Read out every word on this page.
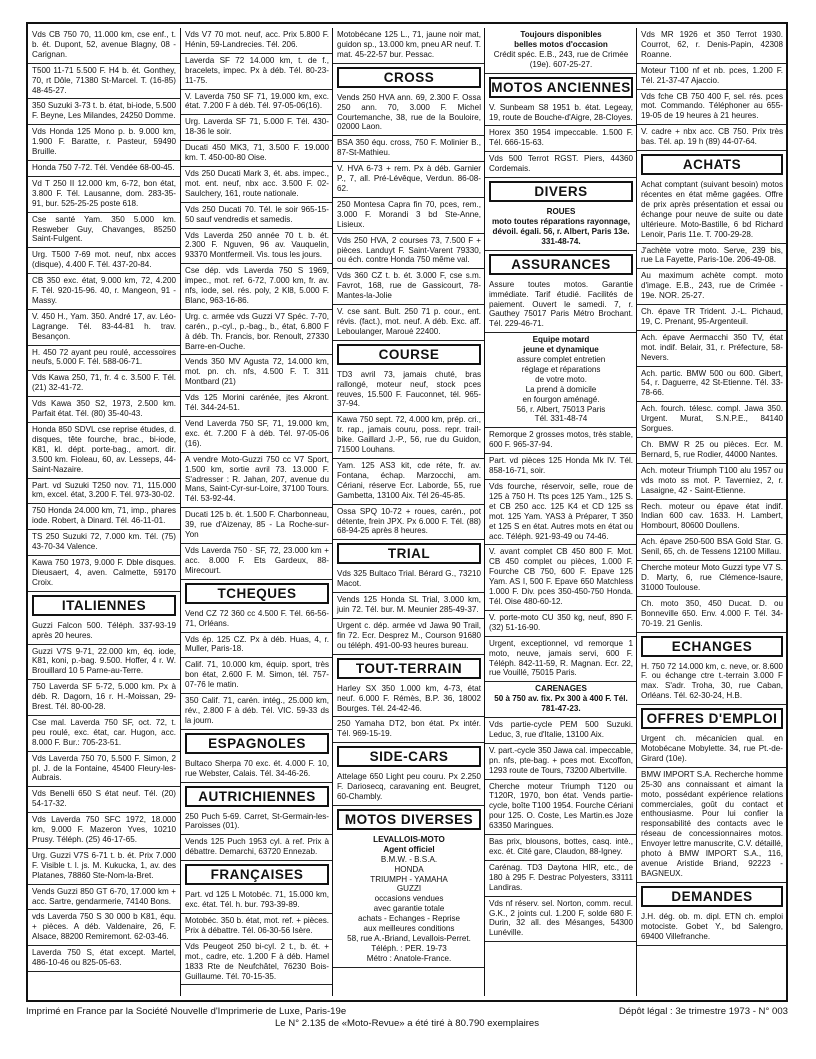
Vds CB 750 70, 11.000 km, cse enf., t. b. ét. Dupont, 52, avenue Blagny, 08 - Carignan.
T500 11-71 5.500 F. H4 b. ét. Gonthey, 70, rt Dôle, 71380 St-Marcel. T. (16-85) 48-45-27.
350 Suzuki 3-73 t. b. état, bi-iode, 5.500 F. Beyne, Les Milandes, 24250 Domme.
Vds Honda 125 Mono p. b. 9.000 km, 1.900 F. Baratte, r. Pasteur, 59490 Bruille.
Honda 750 7-72. Tél. Vendée 68-00-45.
Vd T 250 II 12.000 km, 6-72, bon état, 3.800 F. Tél. Lausanne, dom. 283-35-91, bur. 525-25-25 poste 618.
Cse santé Yam. 350 5.000 km. Resweber Guy, Chavanges, 85250 Saint-Fulgent.
Urg. T500 7-69 mot. neuf, nbx acces (disque), 4.400 F. Tél. 437-20-84.
CB 350 exc. état, 9.000 km, 72, 4.200 F. Tél. 920-15-96. 40, r. Mangeon, 91 - Massy.
V. 450 H., Yam. 350. André 17, av. Léo-Lagrange. Tél. 83-44-81 h. trav. Besançon.
H. 450 72 ayant peu roulé, accessoires neufs, 5.000 F. Tél. 588-06-71.
Vds Kawa 250, 71, fr. 4 c. 3.500 F. Tél. (21) 32-41-72.
Vds Kawa 350 S2, 1973, 2.500 km. Parfait état. Tél. (80) 35-40-43.
Honda 850 SDVL cse reprise études, d. disques, tête fourche, brac., bi-iode, K81, kl. dépt. porte-bag., amort. dir. 3.500 km. Fioleau, 60, av. Lesseps, 44-Saint-Nazaire.
Part. vd Suzuki T250 nov. 71, 115.000 km, excel. état, 3.200 F. Tél. 973-30-02.
750 Honda 24.000 km, 71, imp., phares iode. Robert, à Dinard. Tél. 46-11-01.
TS 250 Suzuki 72, 7.000 km. Tél. (75) 43-70-34 Valence.
Kawa 750 1973, 9.000 F. Dble disques. Dieusaert, 4, aven. Calmette, 59170 Croix.
ITALIENNES
Guzzi Falcon 500. Téléph. 337-93-19 après 20 heures.
Guzzi V7S 9-71, 22.000 km, éq. iode, K81, koni, p.-bag. 9.500. Hoffer, 4 r. W. Brouillard 10 5 Parne-au-Terre.
750 Laverda SF 5-72, 5.000 km. Px à déb. R. Dagorn, 16 r. H.-Moissan, 29-Brest. Tél. 80-00-28.
Cse mal. Laverda 750 SF, oct. 72, t. peu roulé, exc. état, car. Hugon, acc. 8.000 F. Bur.: 705-23-51.
Vds Laverda 750 70, 5.500 F. Simon, 2 pl. J. de la Fontaine, 45400 Fleury-les-Aubrais.
Vds Benelli 650 S état neuf. Tél. (20) 54-17-32.
Vds Laverda 750 SFC 1972, 18.000 km, 9.000 F. Mazeron Yves, 10210 Prusy. Téléph. (25) 46-17-65.
Urg. Guzzi V7S 6-71 t. b. ét. Prix 7.000 F. Visible t. l. js. M. Kukucka, 1, av. des Platanes, 78860 Ste-Nom-la-Bret.
Vends Guzzi 850 GT 6-70, 17.000 km + acc. Sartre, gendarmerie, 74140 Bons.
vds Laverda 750 S 30 000 b K81, équ. + pièces. A déb. Valdenaire, 26, F. Alsace, 88200 Remiremont. 62-03-46.
Laverda 750 S, état except. Martel, 486-10-46 ou 825-05-63.
Vds V7 70 mot. neuf, acc. Prix 5.800 F. Hénin, 59-Landrecies. Tél. 206.
Laverda SF 72 14.000 km, t. de f., bracelets, impec. Px à déb. Tél. 80-23-11-75.
V. Laverda 750 SF 71, 19.000 km, exc. état. 7.200 F à déb. Tél. 97-05-06(16).
Urg. Laverda SF 71, 5.000 F. Tél. 430-18-36 le soir.
Ducati 450 MK3, 71, 3.500 F. 19.000 km. T. 450-00-80 Oise.
Vds 250 Ducati Mark 3, ét. abs. impec., mot. ent. neuf, nbx acc. 3.500 F. 02-Saulchery, 161, route nationale.
Vds 250 Ducati 70. Tél. le soir 965-15-50 sauf vendredis et samedis.
Vds Laverda 250 année 70 t. b. ét. 2.300 F. Nguven, 96 av. Vauquelin, 93370 Montfermeil. Vis. tous les jours.
Cse dép. vds Laverda 750 S 1969, impec., mot. ref. 6-72, 7.000 km, fr. av. nfs, iode, sel. rés. poly, 2 Kl8, 5.000 F. Blanc, 963-16-86.
Urg. c. armée vds Guzzi V7 Spéc. 7-70, carén., p.-cyl., p.-bag., b., état, 6.800 F à déb. Th. Francis, bor. Renoult, 27330 Barre-en-Ouche.
Vends 350 MV Agusta 72, 14.000 km, mot. pn. ch. nfs, 4.500 F. T. 311 Montbard (21)
Vds 125 Morini carénée, jtes Akront. Tél. 344-24-51.
Vend Laverda 750 SF, 71, 19.000 km, exc. ét. 7.200 F à déb. Tél. 97-05-06 (16).
A vendre Moto-Guzzi 750 cc V7 Sport, 1.500 km, sortie avril 73. 13.000 F. S'adresser : R. Jahan, 207, avenue du Mans, Saint-Cyr-sur-Loire, 37100 Tours. Tél. 53-92-44.
Ducati 125 b. ét. 1.500 F. Charbonneau, 39, rue d'Aizenay, 85 - La Roche-sur-Yon
Vds Laverda 750 · SF, 72, 23.000 km + acc. 8.000 F. Ets Gardeux, 88-Mirecourt.
TCHEQUES
Vend CZ 72 360 cc 4.500 F. Tél. 66-56-71, Orléans.
Vds ép. 125 CZ. Px à déb. Huas, 4, r. Muller, Paris-18.
Calif. 71, 10.000 km, équip. sport, très bon état, 2.600 F. M. Simon, tél. 757-07-76 le matin.
350 Calif. 71, carén. intég., 25.000 km, rév., 2.800 F à déb. Tél. VIC. 59-33 ds la journ.
ESPAGNOLES
Bultaco Sherpa 70 exc. ét. 4.000 F. 10, rue Webster, Calais. Tél. 34-46-26.
AUTRICHIENNES
250 Puch 5-69. Carret, St-Germain-les-Paroisses (01).
Vends 125 Puch 1953 cyl. à ref. Prix à débattre. Demarchi, 63720 Ennezab.
FRANÇAISES
Part. vd 125 L Motobéc. 71, 15.000 km, exc. état. Tél. h. bur. 793-39-89.
Motobéc. 350 b. état, mot. ref. + pièces. Prix à débattre. Tél. 06-30-56 Isère.
Vds Peugeot 250 bi-cyl. 2 t., b. ét. + mot., cadre, etc. 1.200 F à déb. Hamel 1833 Rte de Neufchâtel, 76230 Bois-Guillaume. Tél. 70-15-35.
Motobécane 125 L., 71, jaune noir mat, guidon sp., 13.000 km, pneu AR neuf. T. mat. 45-22-57 bur. Pessac.
CROSS
Vends 250 HVA ann. 69, 2.300 F. Ossa 250 ann. 70, 3.000 F. Michel Courtemanche, 38, rue de la Bouloire, 02000 Laon.
BSA 350 équ. cross, 750 F. Molinier B., 87-St-Mathieu.
V. HVA 6-73 + rem. Px à déb. Garnier P., 7, all. Pré-Lévêque, Verdun. 86-08-62.
250 Montesa Capra fin 70, pces, rem., 3.000 F. Morandi 3 bd Ste-Anne, Lisieux.
Vds 250 HVA, 2 courses 73, 7.500 F + pièces. Landuyt F. Saint-Varent 79330, ou éch. contre Honda 750 même val.
Vds 360 CZ t. b. ét. 3.000 F, cse s.m. Favrot, 168, rue de Gassicourt, 78-Mantes-la-Jolie
V. cse sant. Bult. 250 71 p. cour., ent. révis. (fact.), mot. neuf. A déb. Exc. aff. Leboulanger, Marouė 22400.
COURSE
TD3 avril 73, jamais chuté, bras rallongé, moteur neuf, stock pces reuves, 15.500 F. Fauconnet, tél. 965-37-94.
Kawa 750 sept. 72, 4.000 km, prép. cri., tr. rap., jamais couru, poss. repr. trail-bike. Gaillard J.-P., 56, rue du Guidon, 71500 Louhans.
Yam. 125 AS3 kit, cde réte, fr. av. Fontana, échap. Marzocchi, am. Cériani, réserve Ecr. Laborde, 55, rue Gambetta, 13100 Aix. Tél 26-45-85.
Ossa SPQ 10-72 + roues, carén., pot détente, frein JPX. Px 6.000 F. Tél. (88) 68-94-25 après 8 heures.
TRIAL
Vds 325 Bultaco Trial. Bérard G., 73210 Macot.
Vends 125 Honda SL Trial, 3.000 km, juin 72. Tél. bur. M. Meunier 285-49-37.
Urgent c. dép. armée vd Jawa 90 Trail, fin 72. Ecr. Desprez M., Courson 91680 ou téléph. 491-00-93 heures bureau.
TOUT-TERRAIN
Harley SX 350 1.000 km, 4-73, état neuf. 6.000 F. Rémès, B.P. 36, 18002 Bourges. Tél. 24-42-46.
250 Yamaha DT2, bon état. Px intér. Tél. 969-15-19.
SIDE-CARS
Attelage 650 Light peu couru. Px 2.250 F. Dariosecq, caravaning ent. Beugret, 60-Chambly.
MOTOS DIVERSES
LEVALLOIS-MOTO
Agent officiel
B.M.W. - B.S.A.
HONDA
TRIUMPH - YAMAHA
GUZZI
occasions vendues
avec garantie totale
achats - Echanges - Reprise
aux meilleures conditions
58, rue A.-Briand, Levallois-Perret. Téléph. : PER. 19-73
Métro : Anatole-France.
Toujours disponibles
belles motos d'occasion
Crédit spéc. E.B., 243, rue de Crimée (19e). 607-25-27.
MOTOS ANCIENNES
V. Sunbeam S8 1951 b. état. Legeay, 19, route de Bouche-d'Aigre, 28-Cloyes.
Horex 350 1954 impeccable. 1.500 F. Tél. 666-15-63.
Vds 500 Terrot RGST. Piers, 44360 Cordemais.
DIVERS
ROUES
moto toutes réparations rayonnage, dévoil. égali. 56, r. Albert, Paris 13e. 331-48-74.
ASSURANCES
Assure toutes motos. Garantie immédiate. Tarif étudié. Facilités de paiement. Ouvert le samedi. 7, r. Gauthey 75017 Paris Métro Brochant. Tél. 229-46-71.
Equipe motard
jeune et dynamique
assure complet entretien
réglage et réparations
de votre moto.
La prend à domicile
en fourgon aménagé.
56, r. Albert, 75013 Paris
Tél. 331-48-74
Remorque 2 grosses motos, très stable, 600 F. 965-37-94.
Part. vd pièces 125 Honda Mk IV. Tél. 858-16-71, soir.
Vds fourche, réservoir, selle, roue de 125 à 750 H. Tts pces 125 Yam., 125 S. et CB 250 acc. 125 K4 et CD 125 ss mot. 125 Yam. YAS3 à Préparer, T 350 et 125 S en état. Autres mots en état ou acc. Téléph. 921-93-49 ou 74-46.
V. avant complet CB 450 800 F. Mot. CB 450 complet ou pièces, 1.000 F. Fourche CB 750, 600 F. Epave 125 Yam. AS I, 500 F. Epave 650 Matchless 1.000 F. Div. pces 350-450-750 Honda. Tél. Oise 480-60-12.
V. porte-moto CU 350 kg, neuf, 890 F. (32) 51-16-90.
Urgent, exceptionnel, vd remorque 1 moto, neuve, jamais servi, 600 F. Téléph. 842-11-59, R. Magnan. Ecr. 22, rue Vouillé, 75015 Paris.
CARENAGES
50 à 750 av. fix. Px 300 à 400 F. Tél. 781-47-23.
Vds partie-cycle PEM 500 Suzuki. Leduc, 3, rue d'Italie, 13100 Aix.
V. part.-cycle 350 Jawa cal. impeccable, pn. nfs, pte-bag. + pces mot. Excoffon, 1293 route de Tours, 73200 Albertville.
Cherche moteur Triumph T120 ou T120R, 1970, bon état. Vends partie-cycle, boîte T100 1954. Fourche Cériani pour 125. O. Coste, Les Martin.es Joze 63350 Maringues.
Bas prix, blousons, bottes, casq. intè., exc. ét. Cité gare, Claudon, 88-Igney.
Carénag. TD3 Daytona HIR, etc., de 180 à 295 F. Destrac Polyesters, 33111 Landiras.
Vds nf réserv. sel. Norton, comm. recul. G.K., 2 joints cul. 1.200 F, solde 680 F. Durin, 32 all. des Mésanges, 54300 Lunéville.
Vds MR 1926 et 350 Terrot 1930. Courrot, 62, r. Denis-Papin, 42308 Roanne.
Moteur T100 nf et nb. pces, 1.200 F. Tél. 21-37-47 Ajaccio.
Vds fche CB 750 400 F, sel. rés. pces mot. Commando. Téléphoner au 655-19-05 de 19 heures à 21 heures.
V. cadre + nbx acc. CB 750. Prix très bas. Tél. ap. 19 h (89) 44-07-64.
ACHATS
Achat comptant (suivant besoin) motos récentes en état même gagées. Offre de prix après présentation et essai ou échange pour neuve de suite ou date ultérieure. Moto-Bastille, 6 bd Richard Lenoir, Paris 11e. T. 700-29-28.
J'achète votre moto. Serve, 239 bis, rue La Fayette, Paris-10e. 206-49-08.
Au maximum achète compt. moto d'image. E.B., 243, rue de Crimée - 19e. NOR. 25-27.
Ch. épave TR Trident. J.-L. Pichaud, 19, C. Prenant, 95-Argenteuil.
Ach. épave Aermacchi 350 TV, état mot. indif. Belair, 31, r. Préfecture, 58-Nevers.
Ach. partic. BMW 500 ou 600. Gibert, 54, r. Daguerre, 42 St-Etienne. Tél. 33-78-66.
Ach. fourch. télesc. compl. Jawa 350. Urgent. Murat, S.N.P.E., 84140 Sorgues.
Ch. BMW R 25 ou pièces. Ecr. M. Bernard, 5, rue Rodier, 44000 Nantes.
Ach. moteur Triumph T100 alu 1957 ou vds moto ss mot. P. Taverniez, 2, r. Lasaigne, 42 - Saint-Etienne.
Rech. moteur ou épave état indif. Indian 600 cav. 1633. H. Lambert, Hombourt, 80600 Doullens.
Ach. épave 250-500 BSA Gold Star. G. Senil, 65, ch. de Tessens 12100 Millau.
Cherche moteur Moto Guzzi type V7 S. D. Marty, 6, rue Clémence-Isaure, 31000 Toulouse.
Ch. moto 350, 450 Ducat. D. ou Bonneville 650. Env. 4.000 F. Tél. 34-70-19. 21 Genlis.
ECHANGES
H. 750 72 14.000 km, c. neve, or. 8.600 F. ou échange ctre t.-terrain 3.000 F max. S'adr. Troha, 30, rue Caban, Orléans. Tél. 62-30-24, H.B.
OFFRES D'EMPLOI
Urgent ch. mécanicien qual. en Motobécane Mobylette. 34, rue Pt.-de-Girard (10e).
BMW IMPORT S.A. Recherche homme 25-30 ans connaissant et aimant la moto, possédant expérience relations commerciales, goût du contact et enthousiasme. Pour lui confier la responsabilité des contacts avec le réseau de concessionnaires motos. Envoyer lettre manuscrite, C.V. détaillé, photo à BMW IMPORT S.A., 116, avenue Aristide Briand, 92223 - BAGNEUX.
DEMANDES
J.H. dég. ob. m. dipl. ETN ch. emploi motociste. Gobet Y., bd Salengro, 69400 Villefranche.
Imprimé en France par la Société Nouvelle d'Imprimerie de Luxe, Paris-19e	Dépôt légal : 3e trimestre 1973 - N° 003
Le N° 2.135 de «Moto-Revue» a été tiré à 80.790 exemplaires
